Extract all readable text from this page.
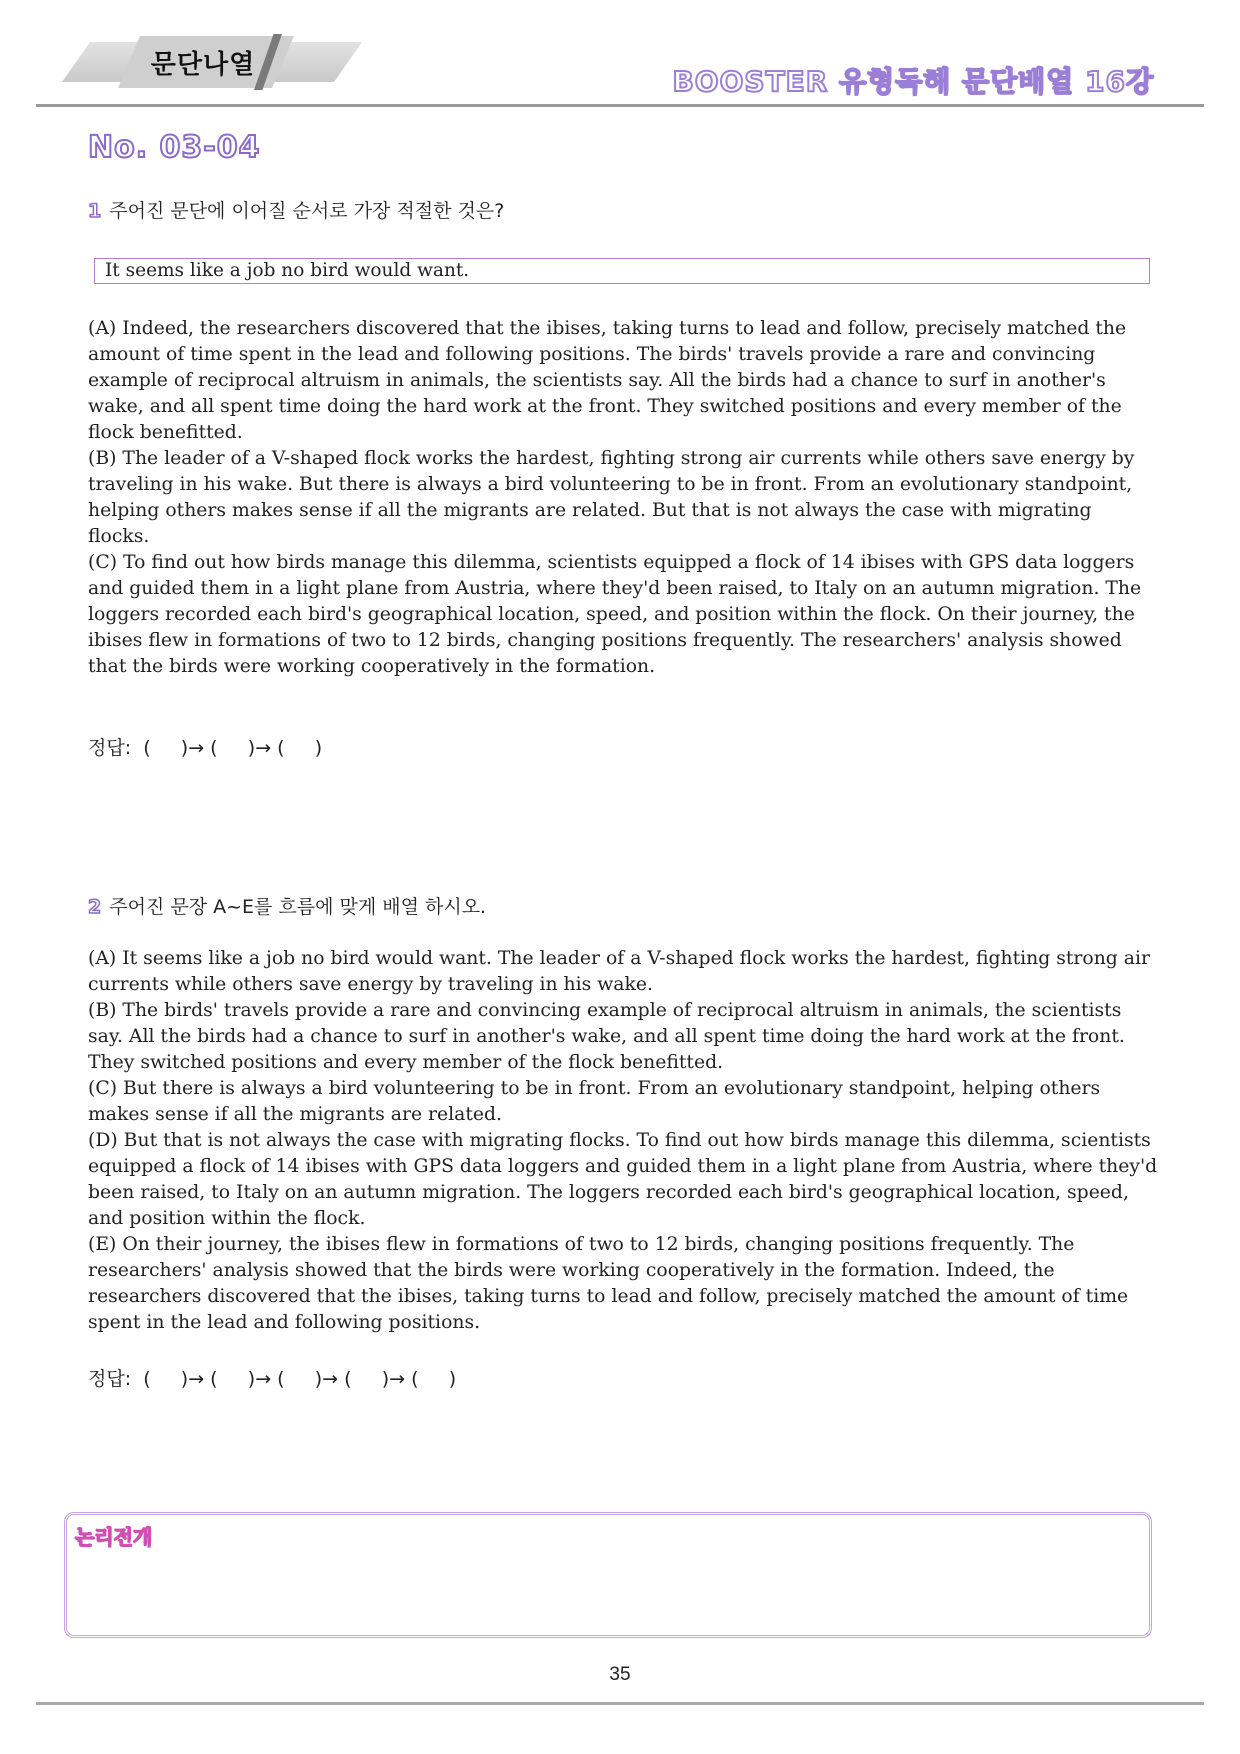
문단나열	BOOSTER 유형독해 문단배열 16강
No. 03-04
1 주어진 문단에 이어질 순서로 가장 적절한 것은?
It seems like a job no bird would want.

(A) Indeed, the researchers discovered that the ibises, taking turns to lead and follow, precisely matched the amount of time spent in the lead and following positions. The birds' travels provide a rare and convincing example of reciprocal altruism in animals, the scientists say. All the birds had a chance to surf in another's wake, and all spent time doing the hard work at the front. They switched positions and every member of the flock benefitted.

(B) The leader of a V-shaped flock works the hardest, fighting strong air currents while others save energy by traveling in his wake. But there is always a bird volunteering to be in front. From an evolutionary standpoint, helping others makes sense if all the migrants are related. But that is not always the case with migrating flocks.

(C) To find out how birds manage this dilemma, scientists equipped a flock of 14 ibises with GPS data loggers and guided them in a light plane from Austria, where they'd been raised, to Italy on an autumn migration. The loggers recorded each bird's geographical location, speed, and position within the flock. On their journey, the ibises flew in formations of two to 12 birds, changing positions frequently. The researchers' analysis showed that the birds were working cooperatively in the formation.

정답:  (     )→ (     )→ (     )
2 주어진 문장 A~E를 흐름에 맞게 배열 하시오.

(A) It seems like a job no bird would want. The leader of a V-shaped flock works the hardest, fighting strong air currents while others save energy by traveling in his wake.

(B) The birds' travels provide a rare and convincing example of reciprocal altruism in animals, the scientists say. All the birds had a chance to surf in another's wake, and all spent time doing the hard work at the front. They switched positions and every member of the flock benefitted.

(C) But there is always a bird volunteering to be in front. From an evolutionary standpoint, helping others makes sense if all the migrants are related.

(D) But that is not always the case with migrating flocks. To find out how birds manage this dilemma, scientists equipped a flock of 14 ibises with GPS data loggers and guided them in a light plane from Austria, where they'd been raised, to Italy on an autumn migration. The loggers recorded each bird's geographical location, speed, and position within the flock.

(E) On their journey, the ibises flew in formations of two to 12 birds, changing positions frequently. The researchers' analysis showed that the birds were working cooperatively in the formation. Indeed, the researchers discovered that the ibises, taking turns to lead and follow, precisely matched the amount of time spent in the lead and following positions.

정답:  (     )→ (     )→ (     )→ (     )→ (     )
논리전개
35
